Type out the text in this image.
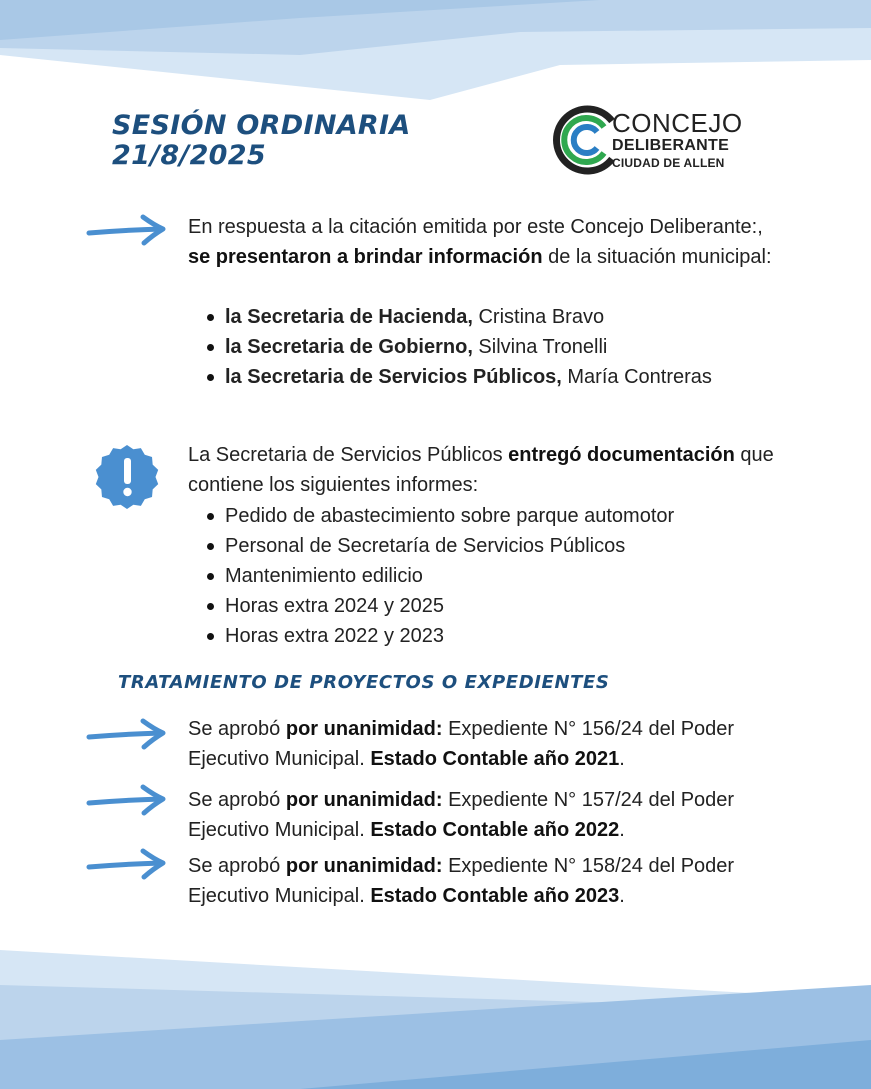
SESIÓN ORDINARIA
21/8/2025
CONCEJO
DELIBERANTE
CIUDAD DE ALLEN

En respuesta a la citación emitida por este Concejo Deliberante:, se presentaron a brindar información de la situación municipal:

la Secretaria de Hacienda, Cristina Bravo
la Secretaria de Gobierno, Silvina Tronelli
la Secretaria de Servicios Públicos, María Contreras

La Secretaria de Servicios Públicos entregó documentación que contiene los siguientes informes:

Pedido de abastecimiento sobre parque automotor
Personal de Secretaría de Servicios Públicos
Mantenimiento edilicio
Horas extra 2024 y 2025
Horas extra 2022 y 2023
TRATAMIENTO DE PROYECTOS O EXPEDIENTES

Se aprobó por unanimidad: Expediente N° 156/24 del Poder Ejecutivo Municipal. Estado Contable año 2021.

Se aprobó por unanimidad: Expediente N° 157/24 del Poder Ejecutivo Municipal. Estado Contable año 2022.

Se aprobó por unanimidad: Expediente N° 158/24 del Poder Ejecutivo Municipal. Estado Contable año 2023.
